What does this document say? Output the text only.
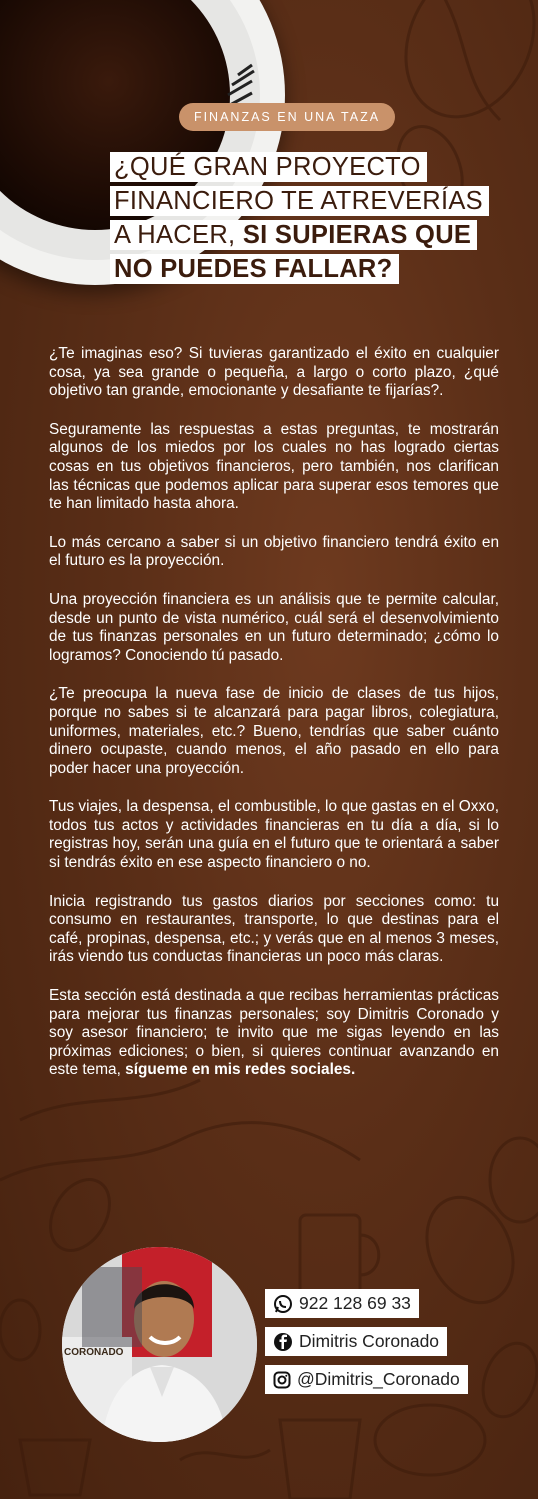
FINANZAS EN UNA TAZA
¿QUÉ GRAN PROYECTO
FINANCIERO TE ATREVERÍAS
A HACER, SI SUPIERAS QUE
NO PUEDES FALLAR?

¿Te imaginas eso? Si tuvieras garantizado el éxito en cualquier cosa, ya sea grande o pequeña, a largo o corto plazo, ¿qué objetivo tan grande, emocionante y desafiante te fijarías?.

Seguramente las respuestas a estas preguntas, te mostrarán algunos de los miedos por los cuales no has logrado ciertas cosas en tus objetivos financieros, pero también, nos clarifican las técnicas que podemos aplicar para superar esos temores que te han limitado hasta ahora.

Lo más cercano a saber si un objetivo financiero tendrá éxito en el futuro es la proyección.

Una proyección financiera es un análisis que te permite calcular, desde un punto de vista numérico, cuál será el desenvolvimiento de tus finanzas personales en un futuro determinado; ¿cómo lo logramos? Conociendo tú pasado.

¿Te preocupa la nueva fase de inicio de clases de tus hijos, porque no sabes si te alcanzará para pagar libros, colegiatura, uniformes, materiales, etc.? Bueno, tendrías que saber cuánto dinero ocupaste, cuando menos, el año pasado en ello para poder hacer una proyección.

Tus viajes, la despensa, el combustible, lo que gastas en el Oxxo, todos tus actos y actividades financieras en tu día a día, si lo registras hoy, serán una guía en el futuro que te orientará a saber si tendrás éxito en ese aspecto financiero o no.

Inicia registrando tus gastos diarios por secciones como: tu consumo en restaurantes, transporte, lo que destinas para el café, propinas, despensa, etc.; y verás que en al menos 3 meses, irás viendo tus conductas financieras un poco más claras.

Esta sección está destinada a que recibas herramientas prácticas para mejorar tus finanzas personales; soy Dimitris Coronado y soy asesor financiero; te invito que me sigas leyendo en las próximas ediciones; o bien, si quieres continuar avanzando en este tema, sígueme en mis redes sociales.

CORONADO
922 128 69 33
Dimitris Coronado
@Dimitris_Coronado
